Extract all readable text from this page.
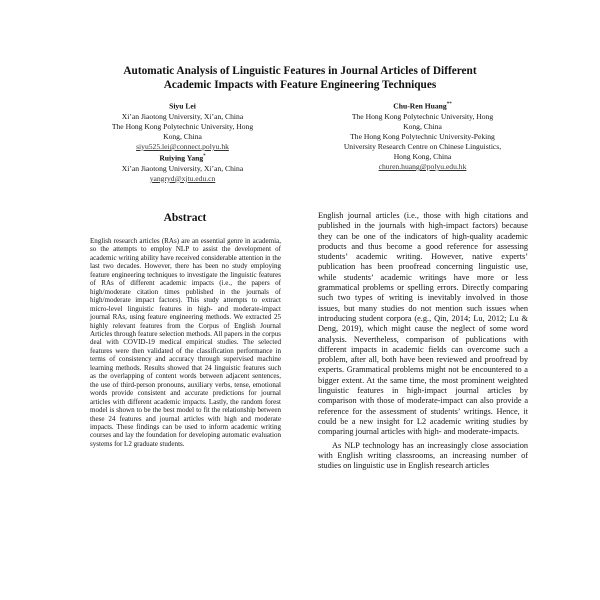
Automatic Analysis of Linguistic Features in Journal Articles of Different
Academic Impacts with Feature Engineering Techniques
Siyu Lei
Xi’an Jiaotong University, Xi’an, China
The Hong Kong Polytechnic University, Hong
Kong, China
siyu525.lei@connect.polyu.hk
Ruiying Yang*
Xi’an Jiaotong University, Xi’an, China
yangryd@xjtu.edu.cn
Chu-Ren Huang**
The Hong Kong Polytechnic University, Hong
Kong, China
The Hong Kong Polytechnic University-Peking
University Research Centre on Chinese Linguistics,
Hong Kong, China
churen.huang@polyu.edu.hk
Abstract
English research articles (RAs) are an essential genre in academia, so the attempts to employ NLP to assist the development of academic writing ability have received considerable attention in the last two decades. However, there has been no study employing feature engineering techniques to investigate the linguistic features of RAs of different academic impacts (i.e., the papers of high/moderate citation times published in the journals of high/moderate impact factors). This study attempts to extract micro-level linguistic features in high- and moderate-impact journal RAs, using feature engineering methods. We extracted 25 highly relevant features from the Corpus of English Journal Articles through feature selection methods. All papers in the corpus deal with COVID-19 medical empirical studies. The selected features were then validated of the classification performance in terms of consistency and accuracy through supervised machine learning methods. Results showed that 24 linguistic features such as the overlapping of content words between adjacent sentences, the use of third-person pronouns, auxiliary verbs, tense, emotional words provide consistent and accurate predictions for journal articles with different academic impacts. Lastly, the random forest model is shown to be the best model to fit the relationship between these 24 features and journal articles with high and moderate impacts. These findings can be used to inform academic writing courses and lay the foundation for developing automatic evaluation systems for L2 graduate students.

English journal articles (i.e., those with high citations and published in the journals with high-impact factors) because they can be one of the indicators of high-quality academic products and thus become a good reference for assessing students’ academic writing. However, native experts’ publication has been proofread concerning linguistic use, while students’ academic writings have more or less grammatical problems or spelling errors. Directly comparing such two types of writing is inevitably involved in those issues, but many studies do not mention such issues when introducing student corpora (e.g., Qin, 2014; Lu, 2012; Lu & Deng, 2019), which might cause the neglect of some word analysis. Nevertheless, comparison of publications with different impacts in academic fields can overcome such a problem, after all, both have been reviewed and proofread by experts. Grammatical problems might not be encountered to a bigger extent. At the same time, the most prominent weighted linguistic features in high-impact journal articles by comparison with those of moderate-impact can also provide a reference for the assessment of students’ writings. Hence, it could be a new insight for L2 academic writing studies by comparing journal articles with high- and moderate-impacts.

As NLP technology has an increasingly close association with English writing classrooms, an increasing number of studies on linguistic use in English research articles
